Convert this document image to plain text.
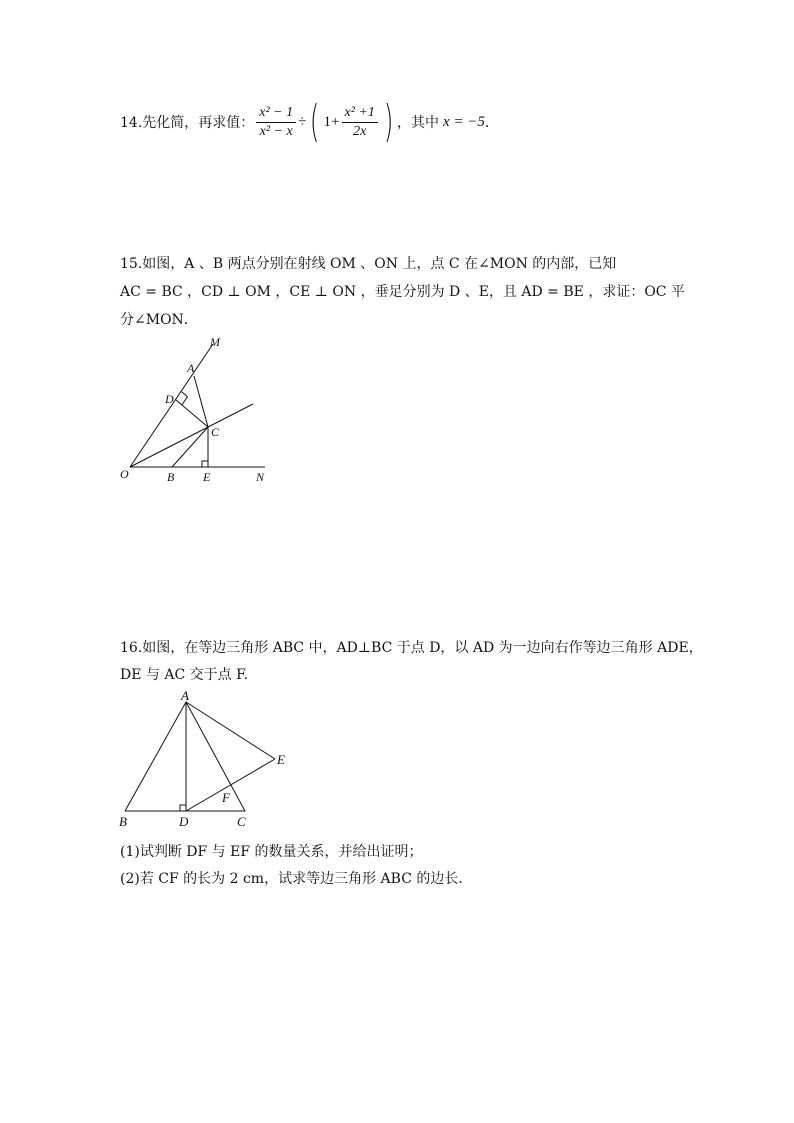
14.先化简，再求值： $\frac{\text{x² − 1}}{\text{x² − x}}$ ÷ ( $1+ \frac{\text{x² +1}}{2x}$ ) ，其中 x = −5 ．
15.如图，A 、B 两点分别在射线 OM 、ON 上，点 C 在∠MON 的内部，已知
AC = BC ，CD ⊥ OM ，CE ⊥ ON ，垂足分别为 D 、E，且 AD = BE ，求证：OC 平
分∠MON．
M
A
D
C
O	B E	N
16.如图，在等边三角形 ABC 中，AD⊥BC 于点 D，以 AD 为一边向右作等边三角形 ADE，
DE 与 AC 交于点 F.
A
E
F
B	D	C
(1)试判断 DF 与 EF 的数量关系，并给出证明；
(2)若 CF 的长为 2 cm，试求等边三角形 ABC 的边长．
